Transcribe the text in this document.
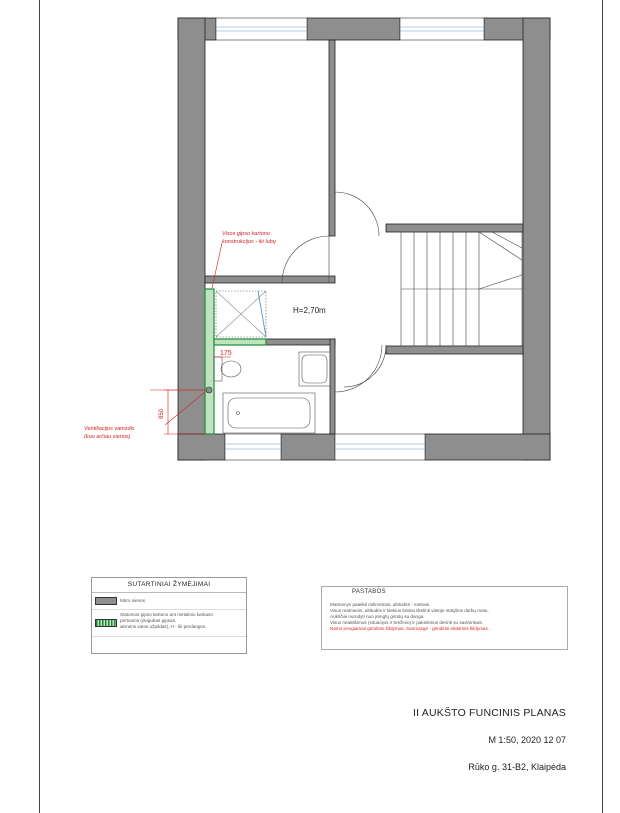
850
175
H=2,70m
Visos gipso kartono
konstrukcijos - iki lubų
Ventiliacijos vamzdis
(kuo arčiau sienos)
SUTARTINIAI ŽYMĖJIMAI
Mūro sienos
Statomos gipso kartono ant metalinio karkaso
pertvaros (dvigubas gipsas,
akmens vatos užpildas), H - iki perdangos
PASTABOS
Matmenys pateikti milimetrais, altitudės - metrais.
Visus matmenis, altitudės ir kiekius būtina tikslinti vietoje statybos darbų metu.
Aukščiai nurodyti nuo įrengtų grindų su danga.
Visus neatitikimus (situacijos ir brėžinio) ir pakeitimus derinti su savininkais.
Namo įrengiamas grindinis šildymas. Sanmazgė - grindinis elektrinis šildymas.
II AUKŠTO FUNCINIS PLANAS
M 1:50, 2020 12 07
Rūko g. 31-B2, Klaipėda
